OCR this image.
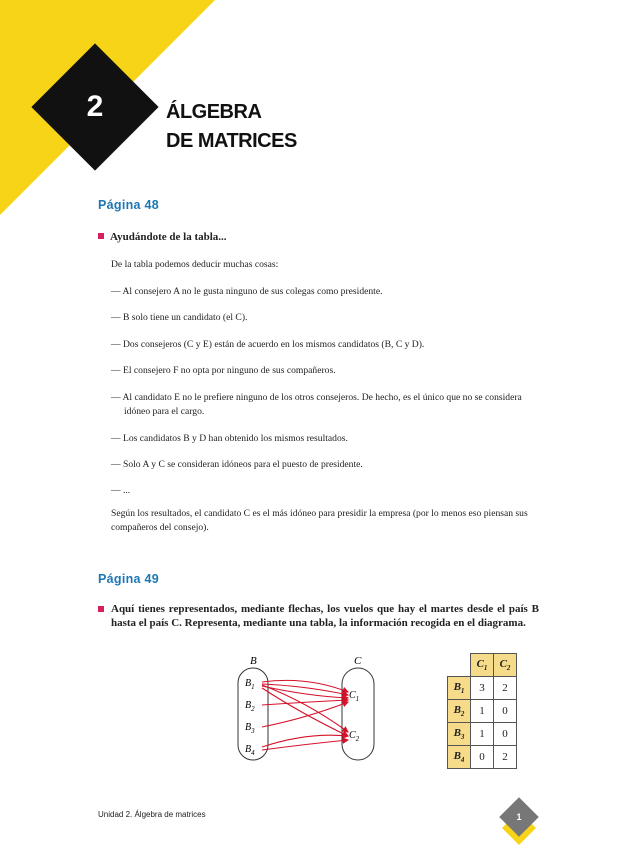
2	ÁLGEBRA
DE MATRICES
Página 48
Ayudándote de la tabla...
De la tabla podemos deducir muchas cosas:
— Al consejero A no le gusta ninguno de sus colegas como presidente.
— B solo tiene un candidato (el C).
— Dos consejeros (C y E) están de acuerdo en los mismos candidatos (B, C y D).
— El consejero F no opta por ninguno de sus compañeros.
— Al candidato E no le prefiere ninguno de los otros consejeros. De hecho, es el único que no se considera idóneo para el cargo.
— Los candidatos B y D han obtenido los mismos resultados.
— Solo A y C se consideran idóneos para el puesto de presidente.
— ...
Según los resultados, el candidato C es el más idóneo para presidir la empresa (por lo menos eso piensan sus compañeros del consejo).
Página 49
Aquí tienes representados, mediante flechas, los vuelos que hay el martes desde el país B hasta el país C. Representa, mediante una tabla, la información recogida en el diagrama.
B	C
$B_1$
$B_2$
$B_3$
$B_4$
$C_1$
$C_2$
	$C_1$	$C_2$
$B_1$	3	2
$B_2$	1	0
$B_3$	1	0
$B_4$	0	2
Unidad 2. Álgebra de matrices	1
